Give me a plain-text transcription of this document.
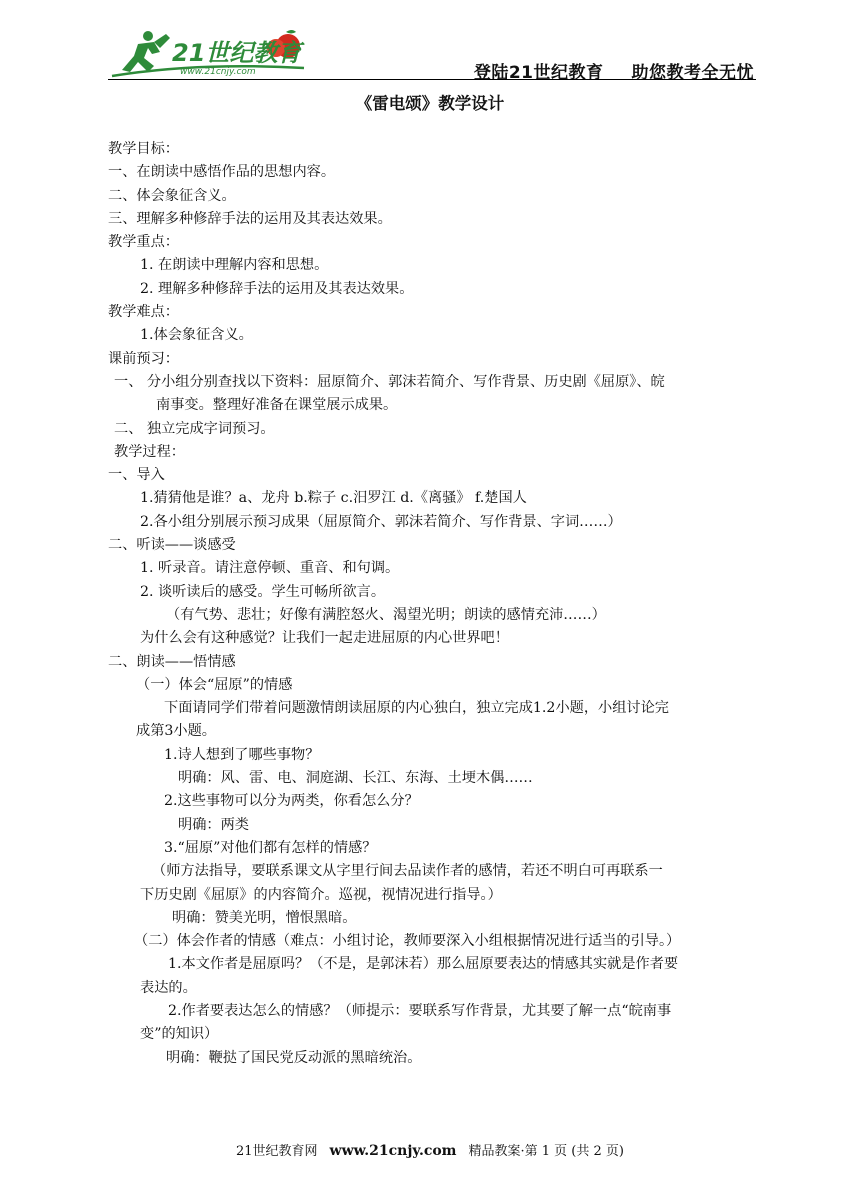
21世纪教育
www.21cnjy.com	登陆21世纪教育 助您教考全无忧
《雷电颂》教学设计
教学目标：
一、在朗读中感悟作品的思想内容。
二、体会象征含义。
三、理解多种修辞手法的运用及其表达效果。
教学重点：
1. 在朗读中理解内容和思想。
2. 理解多种修辞手法的运用及其表达效果。
教学难点：
1.体会象征含义。
课前预习：
一、 分小组分别查找以下资料：屈原简介、郭沫若简介、写作背景、历史剧《屈原》、皖
南事变。整理好准备在课堂展示成果。
二、 独立完成字词预习。
教学过程：
一、导入
1.猜猜他是谁？a、龙舟 b.粽子 c.汨罗江 d.《离骚》 f.楚国人
2.各小组分别展示预习成果（屈原简介、郭沫若简介、写作背景、字词……）
二、听读——谈感受
1. 听录音。请注意停顿、重音、和句调。
2. 谈听读后的感受。学生可畅所欲言。
（有气势、悲壮；好像有满腔怒火、渴望光明；朗读的感情充沛……）
为什么会有这种感觉？让我们一起走进屈原的内心世界吧！
二、朗读——悟情感
（一）体会“屈原”的情感
下面请同学们带着问题激情朗读屈原的内心独白，独立完成1.2小题，小组讨论完
成第3小题。
1.诗人想到了哪些事物？
明确：风、雷、电、洞庭湖、长江、东海、土埂木偶……
2.这些事物可以分为两类，你看怎么分？
明确：两类
3.“屈原”对他们都有怎样的情感？
（师方法指导，要联系课文从字里行间去品读作者的感情，若还不明白可再联系一
下历史剧《屈原》的内容简介。巡视，视情况进行指导。）
明确：赞美光明，憎恨黑暗。
（二）体会作者的情感（难点：小组讨论，教师要深入小组根据情况进行适当的引导。）
1.本文作者是屈原吗？（不是，是郭沫若）那么屈原要表达的情感其实就是作者要
表达的。
2.作者要表达怎么的情感？（师提示：要联系写作背景，尤其要了解一点“皖南事
变”的知识）
明确：鞭挞了国民党反动派的黑暗统治。
21世纪教育网 www.21cnjy.com 精品教案·第 1 页 (共 2 页)
